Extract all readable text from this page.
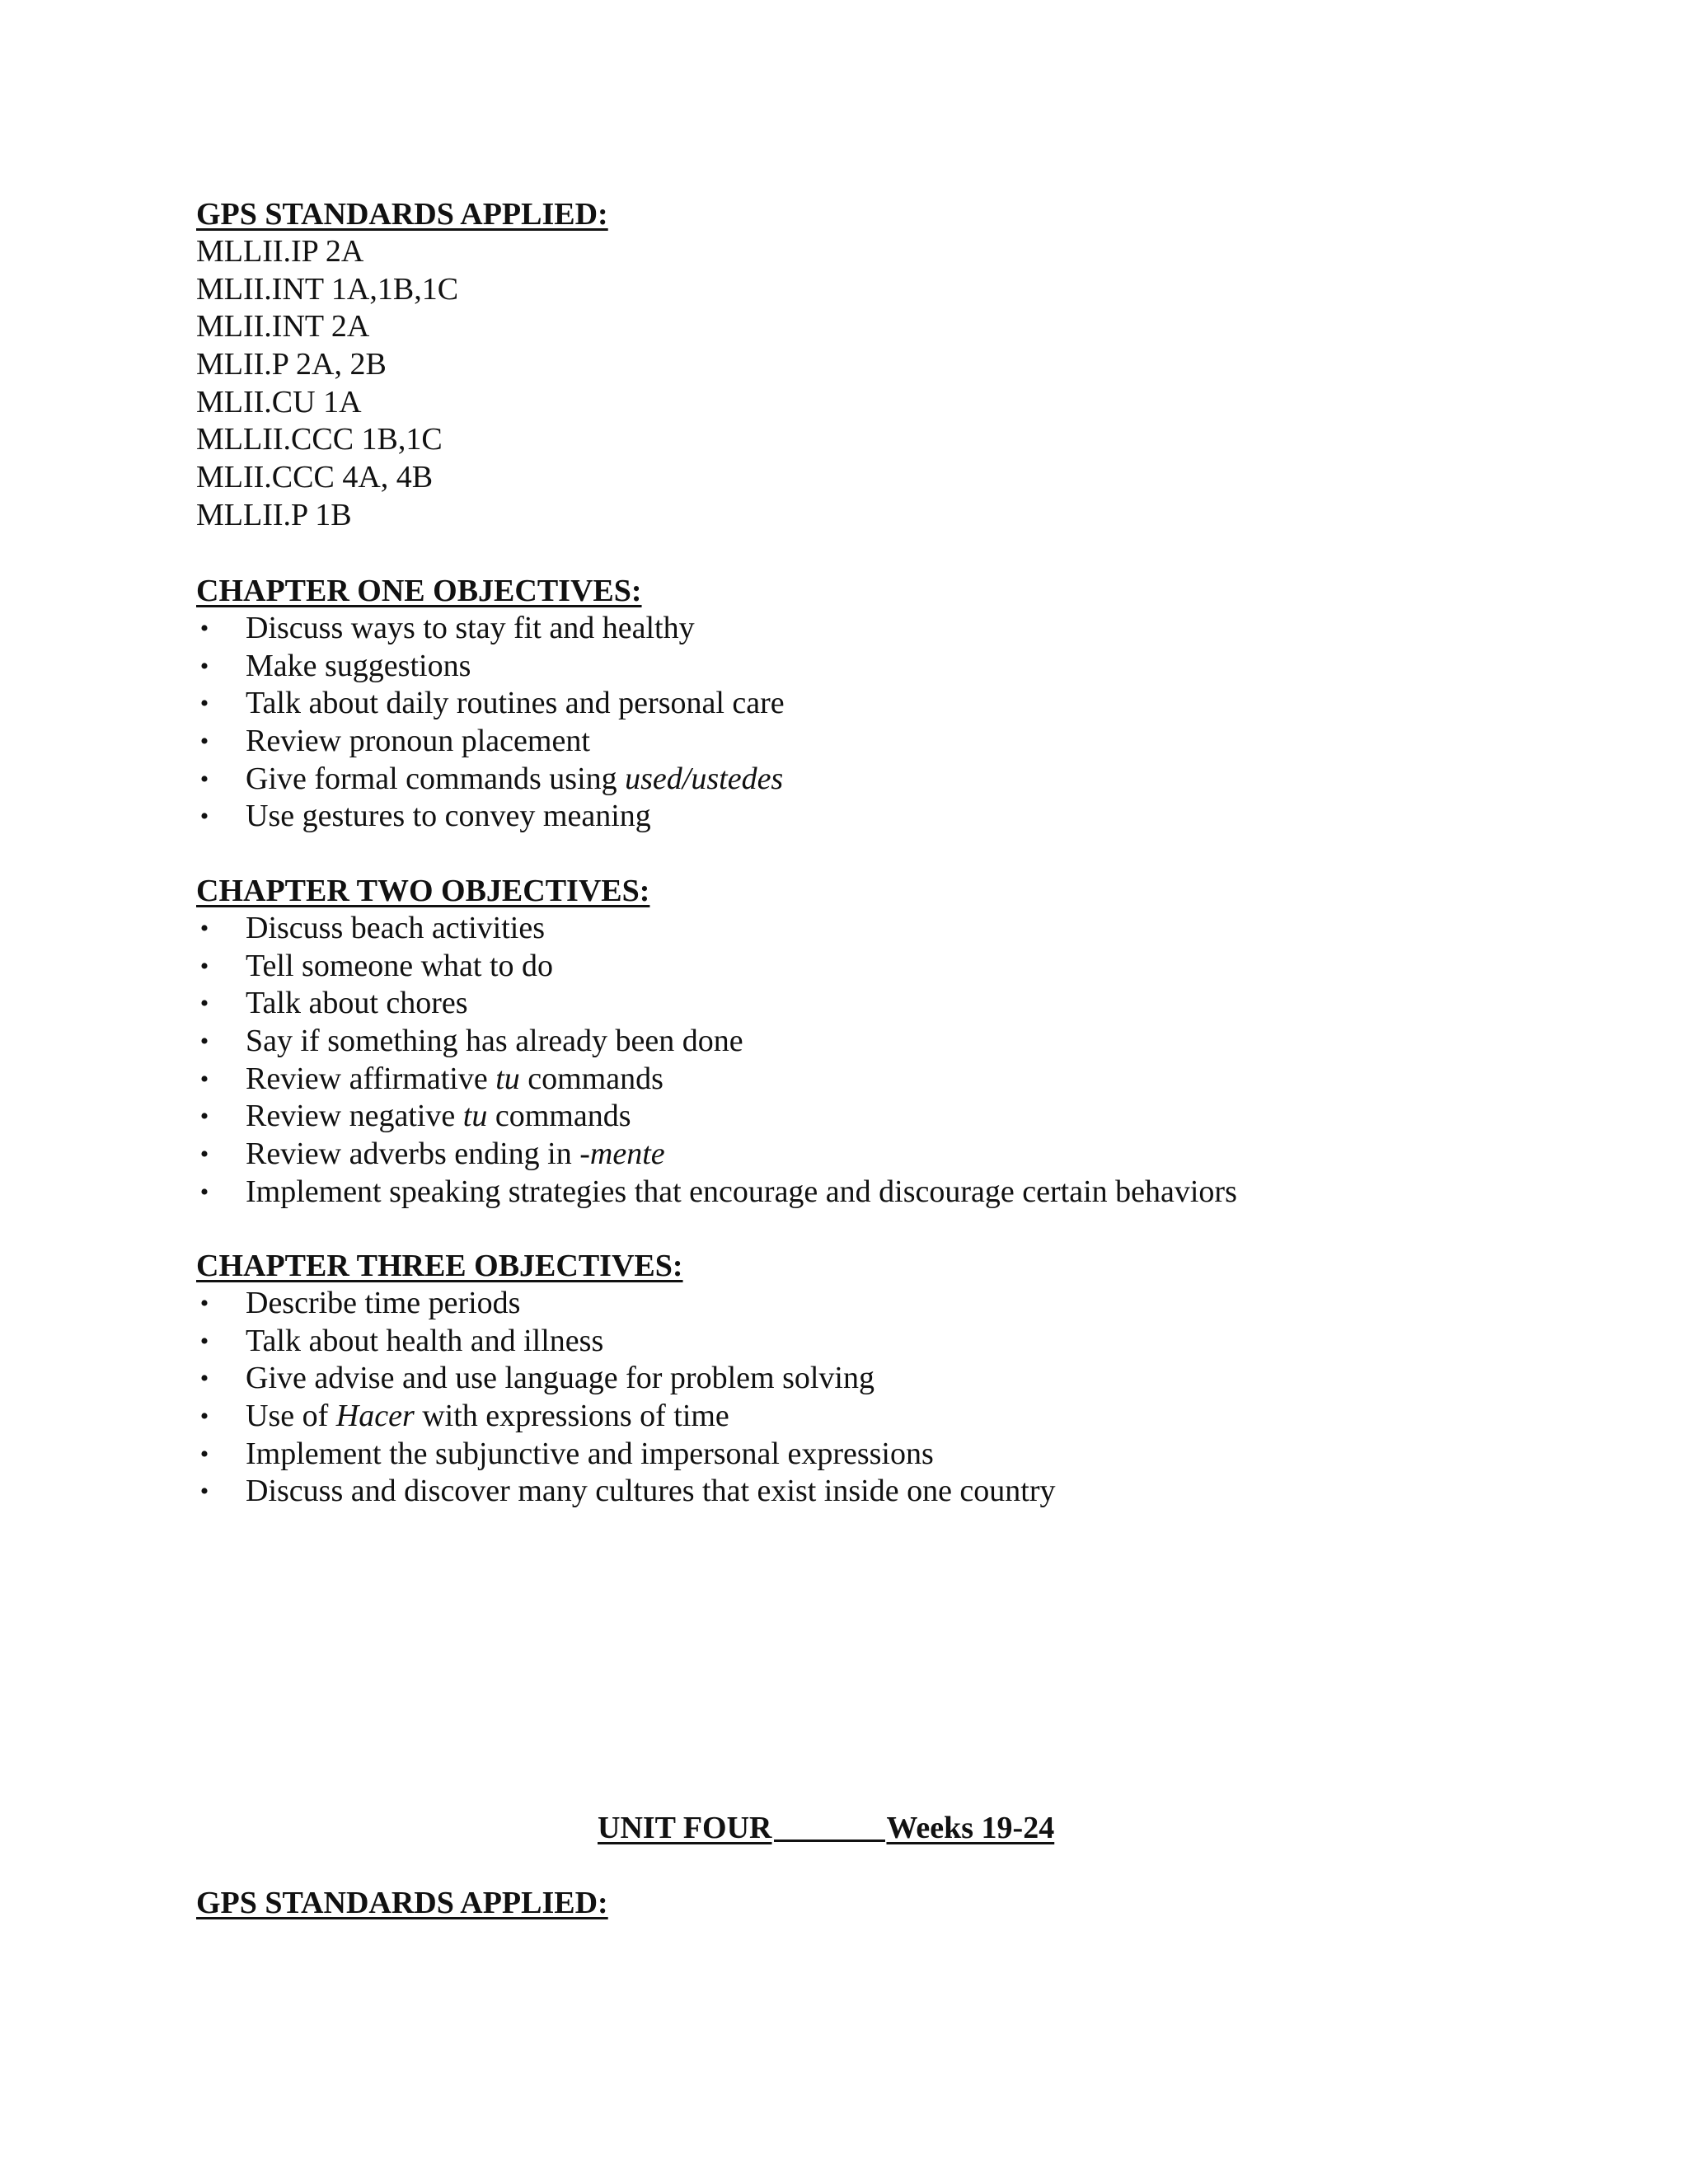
GPS STANDARDS APPLIED:
MLLII.IP 2A
MLII.INT 1A,1B,1C
MLII.INT 2A
MLII.P 2A, 2B
MLII.CU 1A
MLLII.CCC 1B,1C
MLII.CCC 4A, 4B
MLLII.P 1B
CHAPTER ONE OBJECTIVES:
• Discuss ways to stay fit and healthy
• Make suggestions
• Talk about daily routines and personal care
• Review pronoun placement
• Give formal commands using used/ustedes
• Use gestures to convey meaning
CHAPTER TWO OBJECTIVES:
• Discuss beach activities
• Tell someone what to do
• Talk about chores
• Say if something has already been done
• Review affirmative tu commands
• Review negative tu commands
• Review adverbs ending in -mente
• Implement speaking strategies that encourage and discourage certain behaviors
CHAPTER THREE OBJECTIVES:
• Describe time periods
• Talk about health and illness
• Give advise and use language for problem solving
• Use of Hacer with expressions of time
• Implement the subjunctive and impersonal expressions
• Discuss and discover many cultures that exist inside one country
UNIT FOUR	Weeks 19-24
GPS STANDARDS APPLIED:
